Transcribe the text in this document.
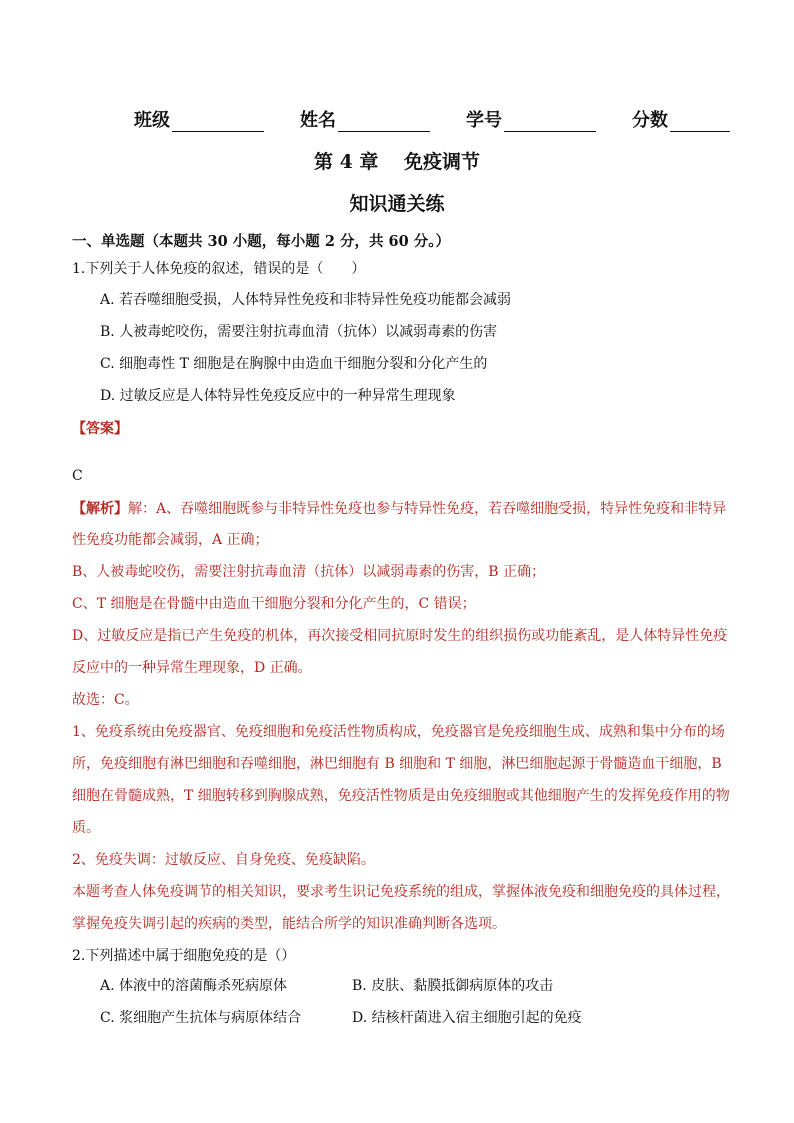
班级	姓名	学号	分数
第 4 章　 免疫调节
知识通关练
一、单选题（本题共 30 小题，每小题 2 分，共 60 分。）
1.下列关于人体免疫的叙述，错误的是（　　）
A. 若吞噬细胞受损，人体特异性免疫和非特异性免疫功能都会减弱
B. 人被毒蛇咬伤，需要注射抗毒血清（抗体）以减弱毒素的伤害
C. 细胞毒性 T 细胞是在胸腺中由造血干细胞分裂和分化产生的
D. 过敏反应是人体特异性免疫反应中的一种异常生理现象
【答案】
C
【解析】解：A、吞噬细胞既参与非特异性免疫也参与特异性免疫，若吞噬细胞受损，特异性免疫和非特异
性免疫功能都会减弱，A 正确；
B、人被毒蛇咬伤，需要注射抗毒血清（抗体）以减弱毒素的伤害，B 正确；
C、T 细胞是在骨髓中由造血干细胞分裂和分化产生的，C 错误；
D、过敏反应是指已产生免疫的机体，再次接受相同抗原时发生的组织损伤或功能紊乱，是人体特异性免疫
反应中的一种异常生理现象，D 正确。
故选：C。
1、免疫系统由免疫器官、免疫细胞和免疫活性物质构成，免疫器官是免疫细胞生成、成熟和集中分布的场
所，免疫细胞有淋巴细胞和吞噬细胞，淋巴细胞有 B 细胞和 T 细胞，淋巴细胞起源于骨髓造血干细胞，B
细胞在骨髓成熟，T 细胞转移到胸腺成熟，免疫活性物质是由免疫细胞或其他细胞产生的发挥免疫作用的物
质。
2、免疫失调：过敏反应、自身免疫、免疫缺陷。
本题考查人体免疫调节的相关知识，要求考生识记免疫系统的组成，掌握体液免疫和细胞免疫的具体过程，
掌握免疫失调引起的疾病的类型，能结合所学的知识准确判断各选项。
2.下列描述中属于细胞免疫的是（）
A. 体液中的溶菌酶杀死病原体	B. 皮肤、黏膜抵御病原体的攻击
C. 浆细胞产生抗体与病原体结合	D. 结核杆菌进入宿主细胞引起的免疫
